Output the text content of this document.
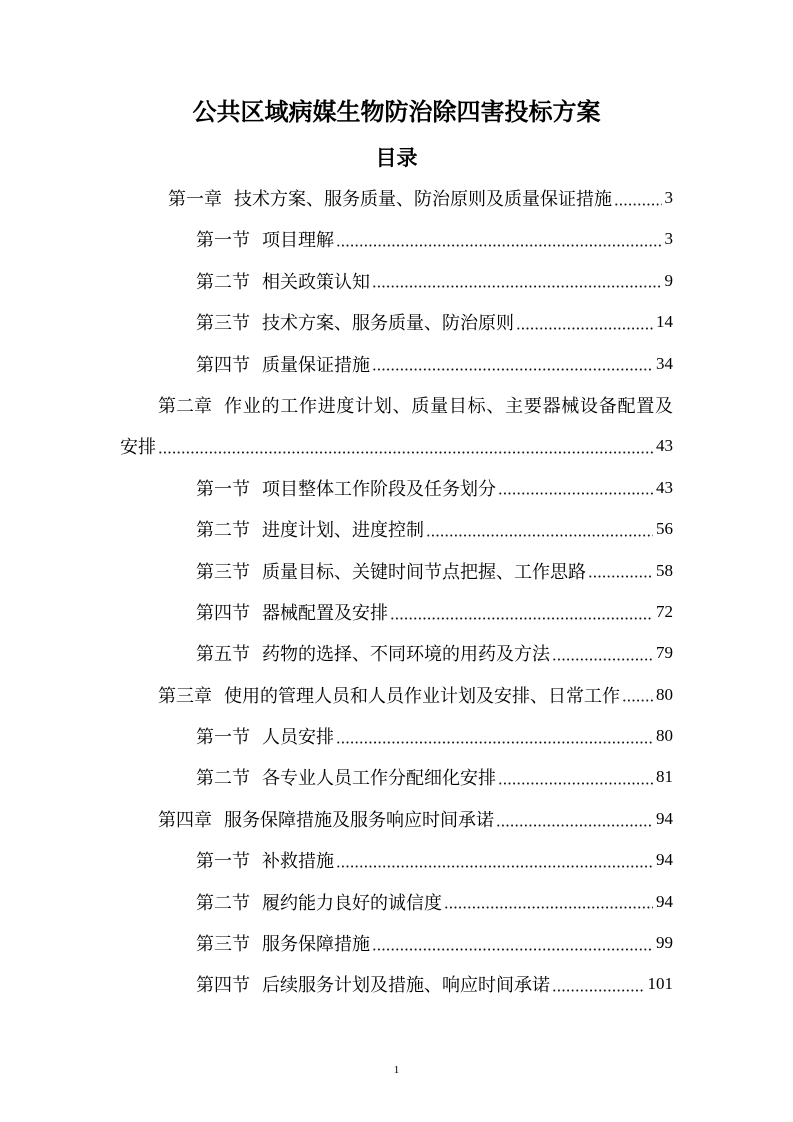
公共区域病媒生物防治除四害投标方案
目录
第一章 技术方案、服务质量、防治原则及质量保证措施	3
第一节 项目理解	3
第二节 相关政策认知	9
第三节 技术方案、服务质量、防治原则	14
第四节 质量保证措施	34
第二章 作业的工作进度计划、质量目标、主要器械设备配置及
安排	43
第一节 项目整体工作阶段及任务划分	43
第二节 进度计划、进度控制	56
第三节 质量目标、关键时间节点把握、工作思路	58
第四节 器械配置及安排	72
第五节 药物的选择、不同环境的用药及方法	79
第三章 使用的管理人员和人员作业计划及安排、日常工作 80
第一节 人员安排	80
第二节 各专业人员工作分配细化安排	81
第四章 服务保障措施及服务响应时间承诺	94
第一节 补救措施	94
第二节 履约能力良好的诚信度	94
第三节 服务保障措施	99
第四节 后续服务计划及措施、响应时间承诺	101
1
